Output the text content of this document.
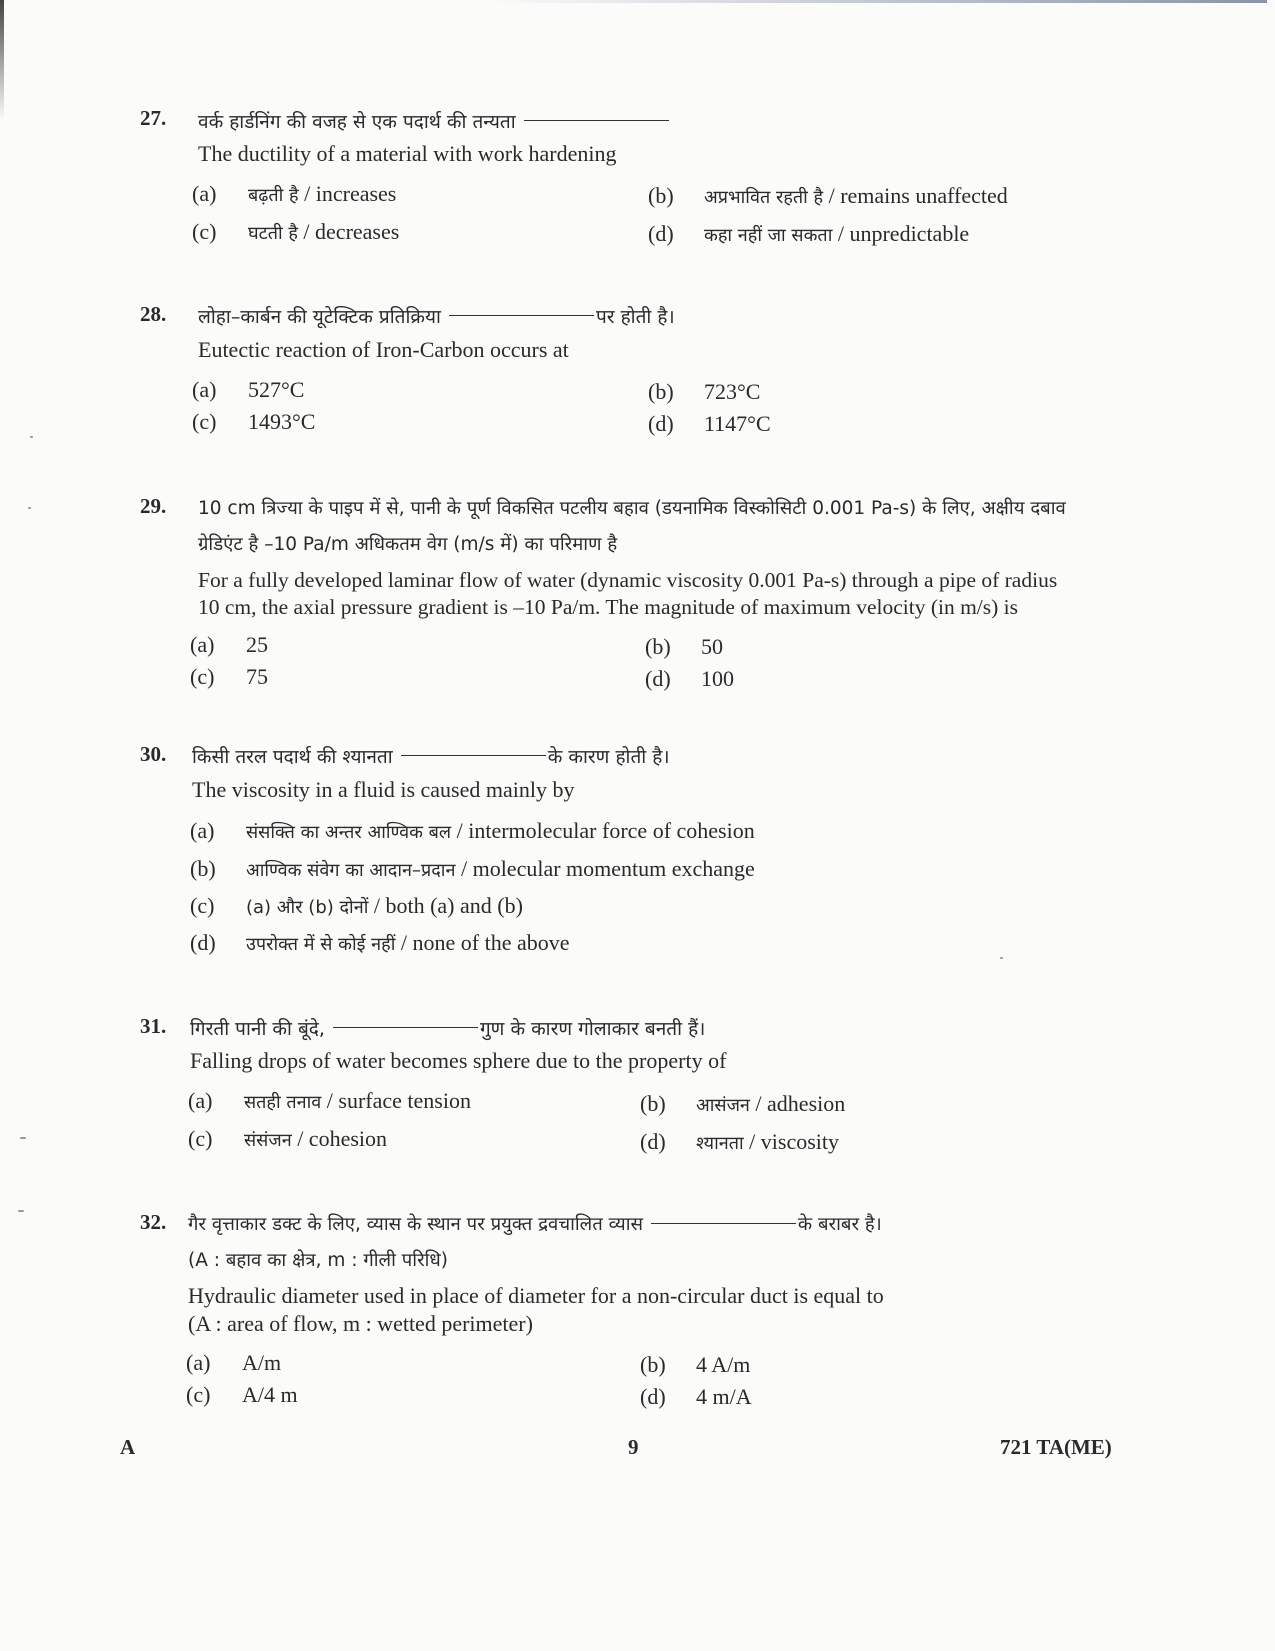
27. वर्क हार्डनिंग की वजह से एक पदार्थ की तन्यता
The ductility of a material with work hardening
(a) बढ़ती है / increases	(b) अप्रभावित रहती है / remains unaffected
(c) घटती है / decreases	(d) कहा नहीं जा सकता / unpredictable
28. लोहा–कार्बन की यूटेक्टिक प्रतिक्रिया	पर होती है।
Eutectic reaction of Iron-Carbon occurs at
(a) 527°C	(b) 723°C
(c) 1493°C	(d) 1147°C
29. 10 cm त्रिज्या के पाइप में से, पानी के पूर्ण विकसित पटलीय बहाव (डयनामिक विस्कोसिटी 0.001 Pa-s) के लिए, अक्षीय दबाव
ग्रेडिएंट है –10 Pa/m अधिकतम वेग (m/s में) का परिमाण है
For a fully developed laminar flow of water (dynamic viscosity 0.001 Pa-s) through a pipe of radius
10 cm, the axial pressure gradient is –10 Pa/m. The magnitude of maximum velocity (in m/s) is
(a) 25	(b) 50
(c) 75	(d) 100
30. किसी तरल पदार्थ की श्यानता	के कारण होती है।
The viscosity in a fluid is caused mainly by
(a) संसक्ति का अन्तर आण्विक बल / intermolecular force of cohesion
(b) आण्विक संवेग का आदान–प्रदान / molecular momentum exchange
(c) (a) और (b) दोनों / both (a) and (b)
(d) उपरोक्त में से कोई नहीं / none of the above
31. गिरती पानी की बूंदे,	गुण के कारण गोलाकार बनती हैं।
Falling drops of water becomes sphere due to the property of
(a) सतही तनाव / surface tension	(b) आसंजन / adhesion
(c) संसंजन / cohesion	(d) श्यानता / viscosity
32. गैर वृत्ताकार डक्ट के लिए, व्यास के स्थान पर प्रयुक्त द्रवचालित व्यास	के बराबर है।
(A : बहाव का क्षेत्र, m : गीली परिधि)
Hydraulic diameter used in place of diameter for a non-circular duct is equal to
(A : area of flow, m : wetted perimeter)
(a) A/m	(b) 4 A/m
(c) A/4 m	(d) 4 m/A
A	9	721 TA(ME)
